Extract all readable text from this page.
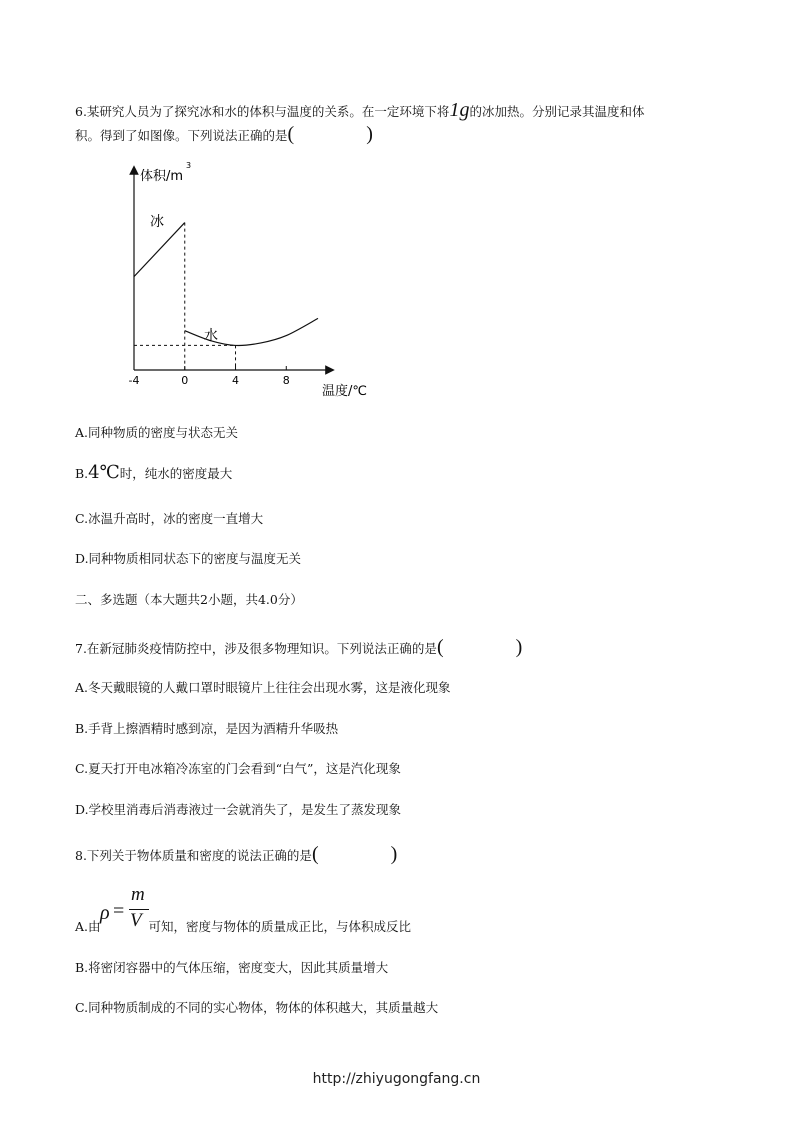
6.某研究人员为了探究冰和水的体积与温度的关系。在一定环境下将1g的冰加热。分别记录其温度和体
积。得到了如图像。下列说法正确的是(	)
体积/m
3
温度/℃
-4	0	4	8
冰
水
A.同种物质的密度与状态无关
B.4℃时，纯水的密度最大
C.冰温升高时，冰的密度一直增大
D.同种物质相同状态下的密度与温度无关
二、多选题（本大题共2小题，共4.0分）
7.在新冠肺炎疫情防控中，涉及很多物理知识。下列说法正确的是(	)
A.冬天戴眼镜的人戴口罩时眼镜片上往往会出现水雾，这是液化现象
B.手背上擦酒精时感到凉，是因为酒精升华吸热
C.夏天打开电冰箱冷冻室的门会看到“白气”，这是汽化现象
D.学校里消毒后消毒液过一会就消失了，是发生了蒸发现象
8.下列关于物体质量和密度的说法正确的是(	)
ρ =
m
V
A.由	可知，密度与物体的质量成正比，与体积成反比
B.将密闭容器中的气体压缩，密度变大，因此其质量增大
C.同种物质制成的不同的实心物体，物体的体积越大，其质量越大
http://zhiyugongfang.cn
